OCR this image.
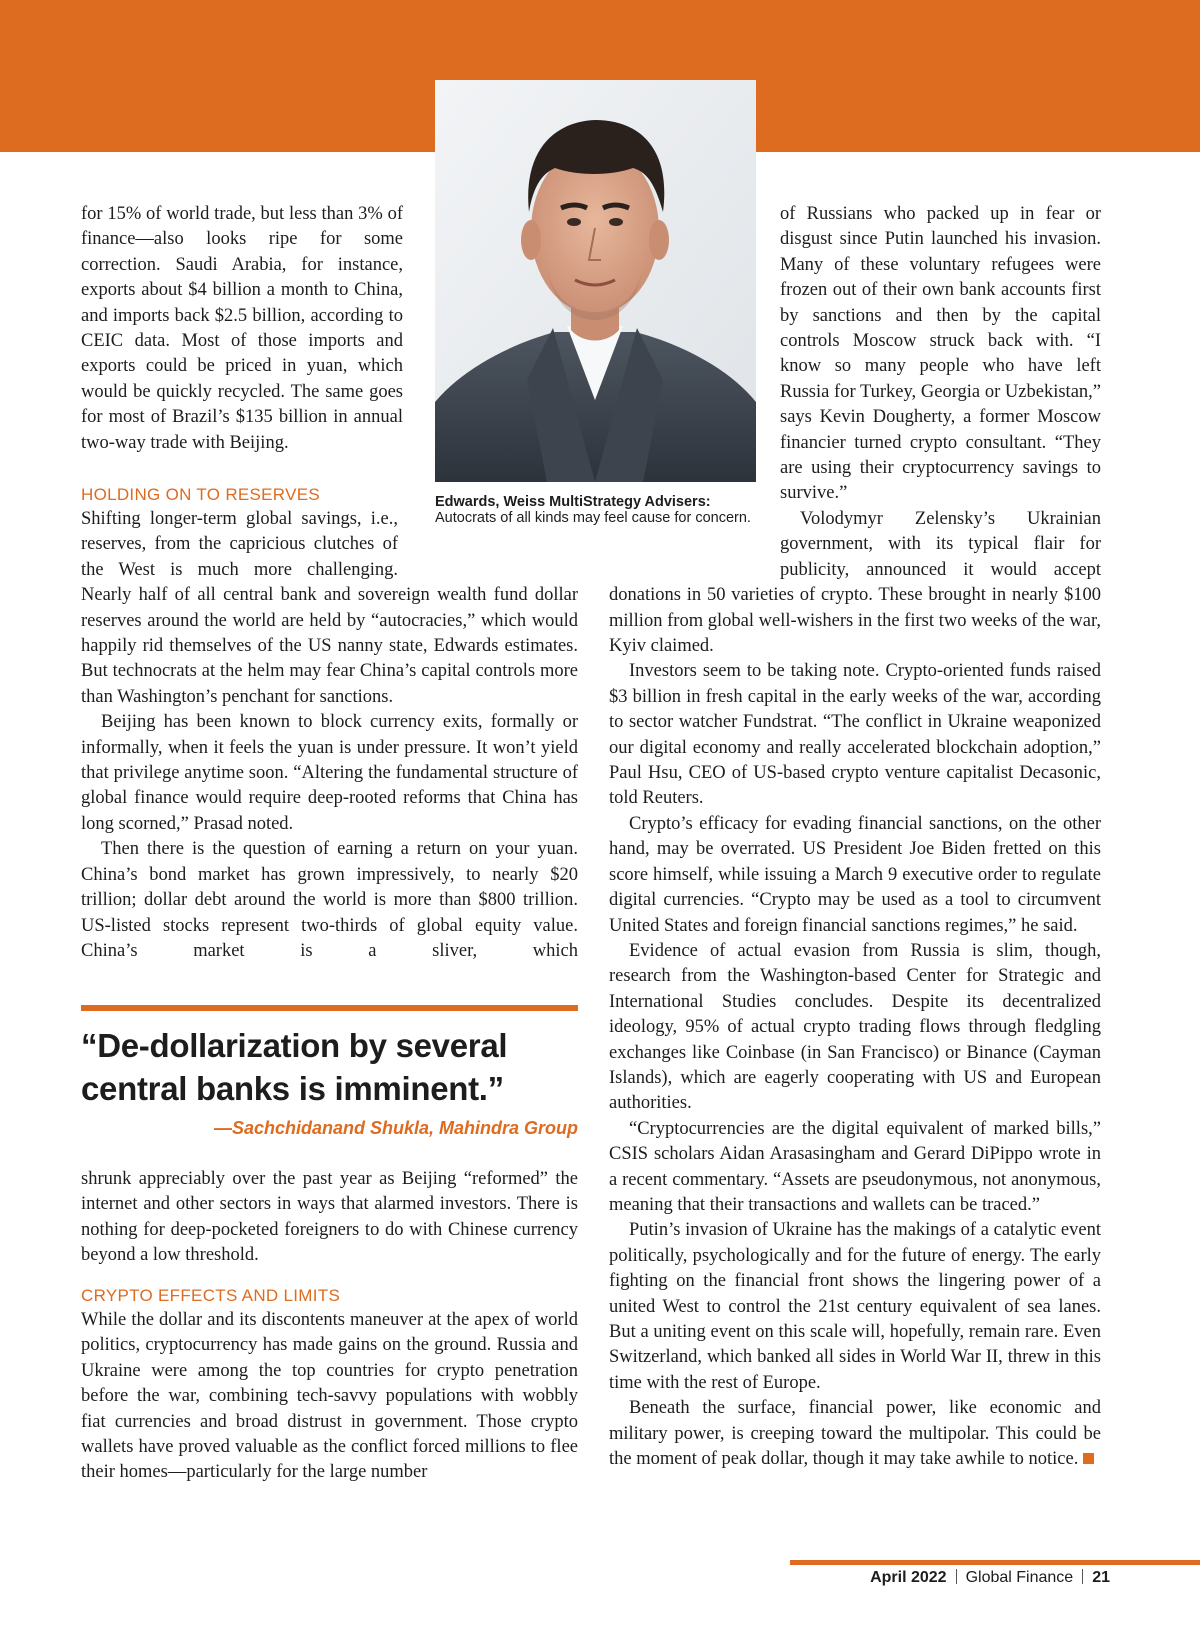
Edwards, Weiss MultiStrategy Advisers:
Autocrats of all kinds may feel cause for concern.

for 15% of world trade, but less than 3% of finance—also looks ripe for some correction. Saudi Arabia, for instance, exports about $4 billion a month to China, and imports back $2.5 billion, according to CEIC data. Most of those imports and exports could be priced in yuan, which would be quickly recycled. The same goes for most of Brazil’s $135 billion in annual two-way trade with Beijing.

HOLDING ON TO RESERVES

Shifting longer-term global savings, i.e., reserves, from the capricious clutches of the West is much more challenging. Nearly half of all central bank and sovereign wealth fund dollar reserves around the world are held by “autocracies,” which would happily rid themselves of the US nanny state, Edwards estimates. But technocrats at the helm may fear China’s capital controls more than Washington’s penchant for sanctions.

Beijing has been known to block currency exits, formally or informally, when it feels the yuan is under pressure. It won’t yield that privilege anytime soon. “Altering the fundamental structure of global finance would require deep-rooted reforms that China has long scorned,” Prasad noted.

Then there is the question of earning a return on your yuan. China’s bond market has grown impressively, to nearly $20 trillion; dollar debt around the world is more than $800 trillion. US-listed stocks represent two-thirds of global equity value. China’s market is a sliver, which

“De-dollarization by several central banks is imminent.”

—Sachchidanand Shukla, Mahindra Group

shrunk appreciably over the past year as Beijing “reformed” the internet and other sectors in ways that alarmed investors. There is nothing for deep-pocketed foreigners to do with Chinese currency beyond a low threshold.

CRYPTO EFFECTS AND LIMITS

While the dollar and its discontents maneuver at the apex of world politics, cryptocurrency has made gains on the ground. Russia and Ukraine were among the top countries for crypto penetration before the war, combining tech-savvy populations with wobbly fiat currencies and broad distrust in government. Those crypto wallets have proved valuable as the conflict forced millions to flee their homes—particularly for the large number

of Russians who packed up in fear or disgust since Putin launched his invasion. Many of these voluntary refugees were frozen out of their own bank accounts first by sanctions and then by the capital controls Moscow struck back with. “I know so many people who have left Russia for Turkey, Georgia or Uzbekistan,” says Kevin Dougherty, a former Moscow financier turned crypto consultant. “They are using their cryptocurrency savings to survive.”

Volodymyr Zelensky’s Ukrainian government, with its typical flair for publicity, announced it would accept donations in 50 varieties of crypto. These brought in nearly $100 million from global well-wishers in the first two weeks of the war, Kyiv claimed.

Investors seem to be taking note. Crypto-oriented funds raised $3 billion in fresh capital in the early weeks of the war, according to sector watcher Fundstrat. “The conflict in Ukraine weaponized our digital economy and really accelerated blockchain adoption,” Paul Hsu, CEO of US-based crypto venture capitalist Decasonic, told Reuters.

Crypto’s efficacy for evading financial sanctions, on the other hand, may be overrated. US President Joe Biden fretted on this score himself, while issuing a March 9 executive order to regulate digital currencies. “Crypto may be used as a tool to circumvent United States and foreign financial sanctions regimes,” he said.

Evidence of actual evasion from Russia is slim, though, research from the Washington-based Center for Strategic and International Studies concludes. Despite its decentralized ideology, 95% of actual crypto trading flows through fledgling exchanges like Coinbase (in San Francisco) or Binance (Cayman Islands), which are eagerly cooperating with US and European authorities.

“Cryptocurrencies are the digital equivalent of marked bills,” CSIS scholars Aidan Arasasingham and Gerard DiPippo wrote in a recent commentary. “Assets are pseudonymous, not anonymous, meaning that their transactions and wallets can be traced.”

Putin’s invasion of Ukraine has the makings of a catalytic event politically, psychologically and for the future of energy. The early fighting on the financial front shows the lingering power of a united West to control the 21st century equivalent of sea lanes. But a uniting event on this scale will, hopefully, remain rare. Even Switzerland, which banked all sides in World War II, threw in this time with the rest of Europe.

Beneath the surface, financial power, like economic and military power, is creeping toward the multipolar. This could be the moment of peak dollar, though it may take awhile to notice.

April 2022 Global Finance 21
